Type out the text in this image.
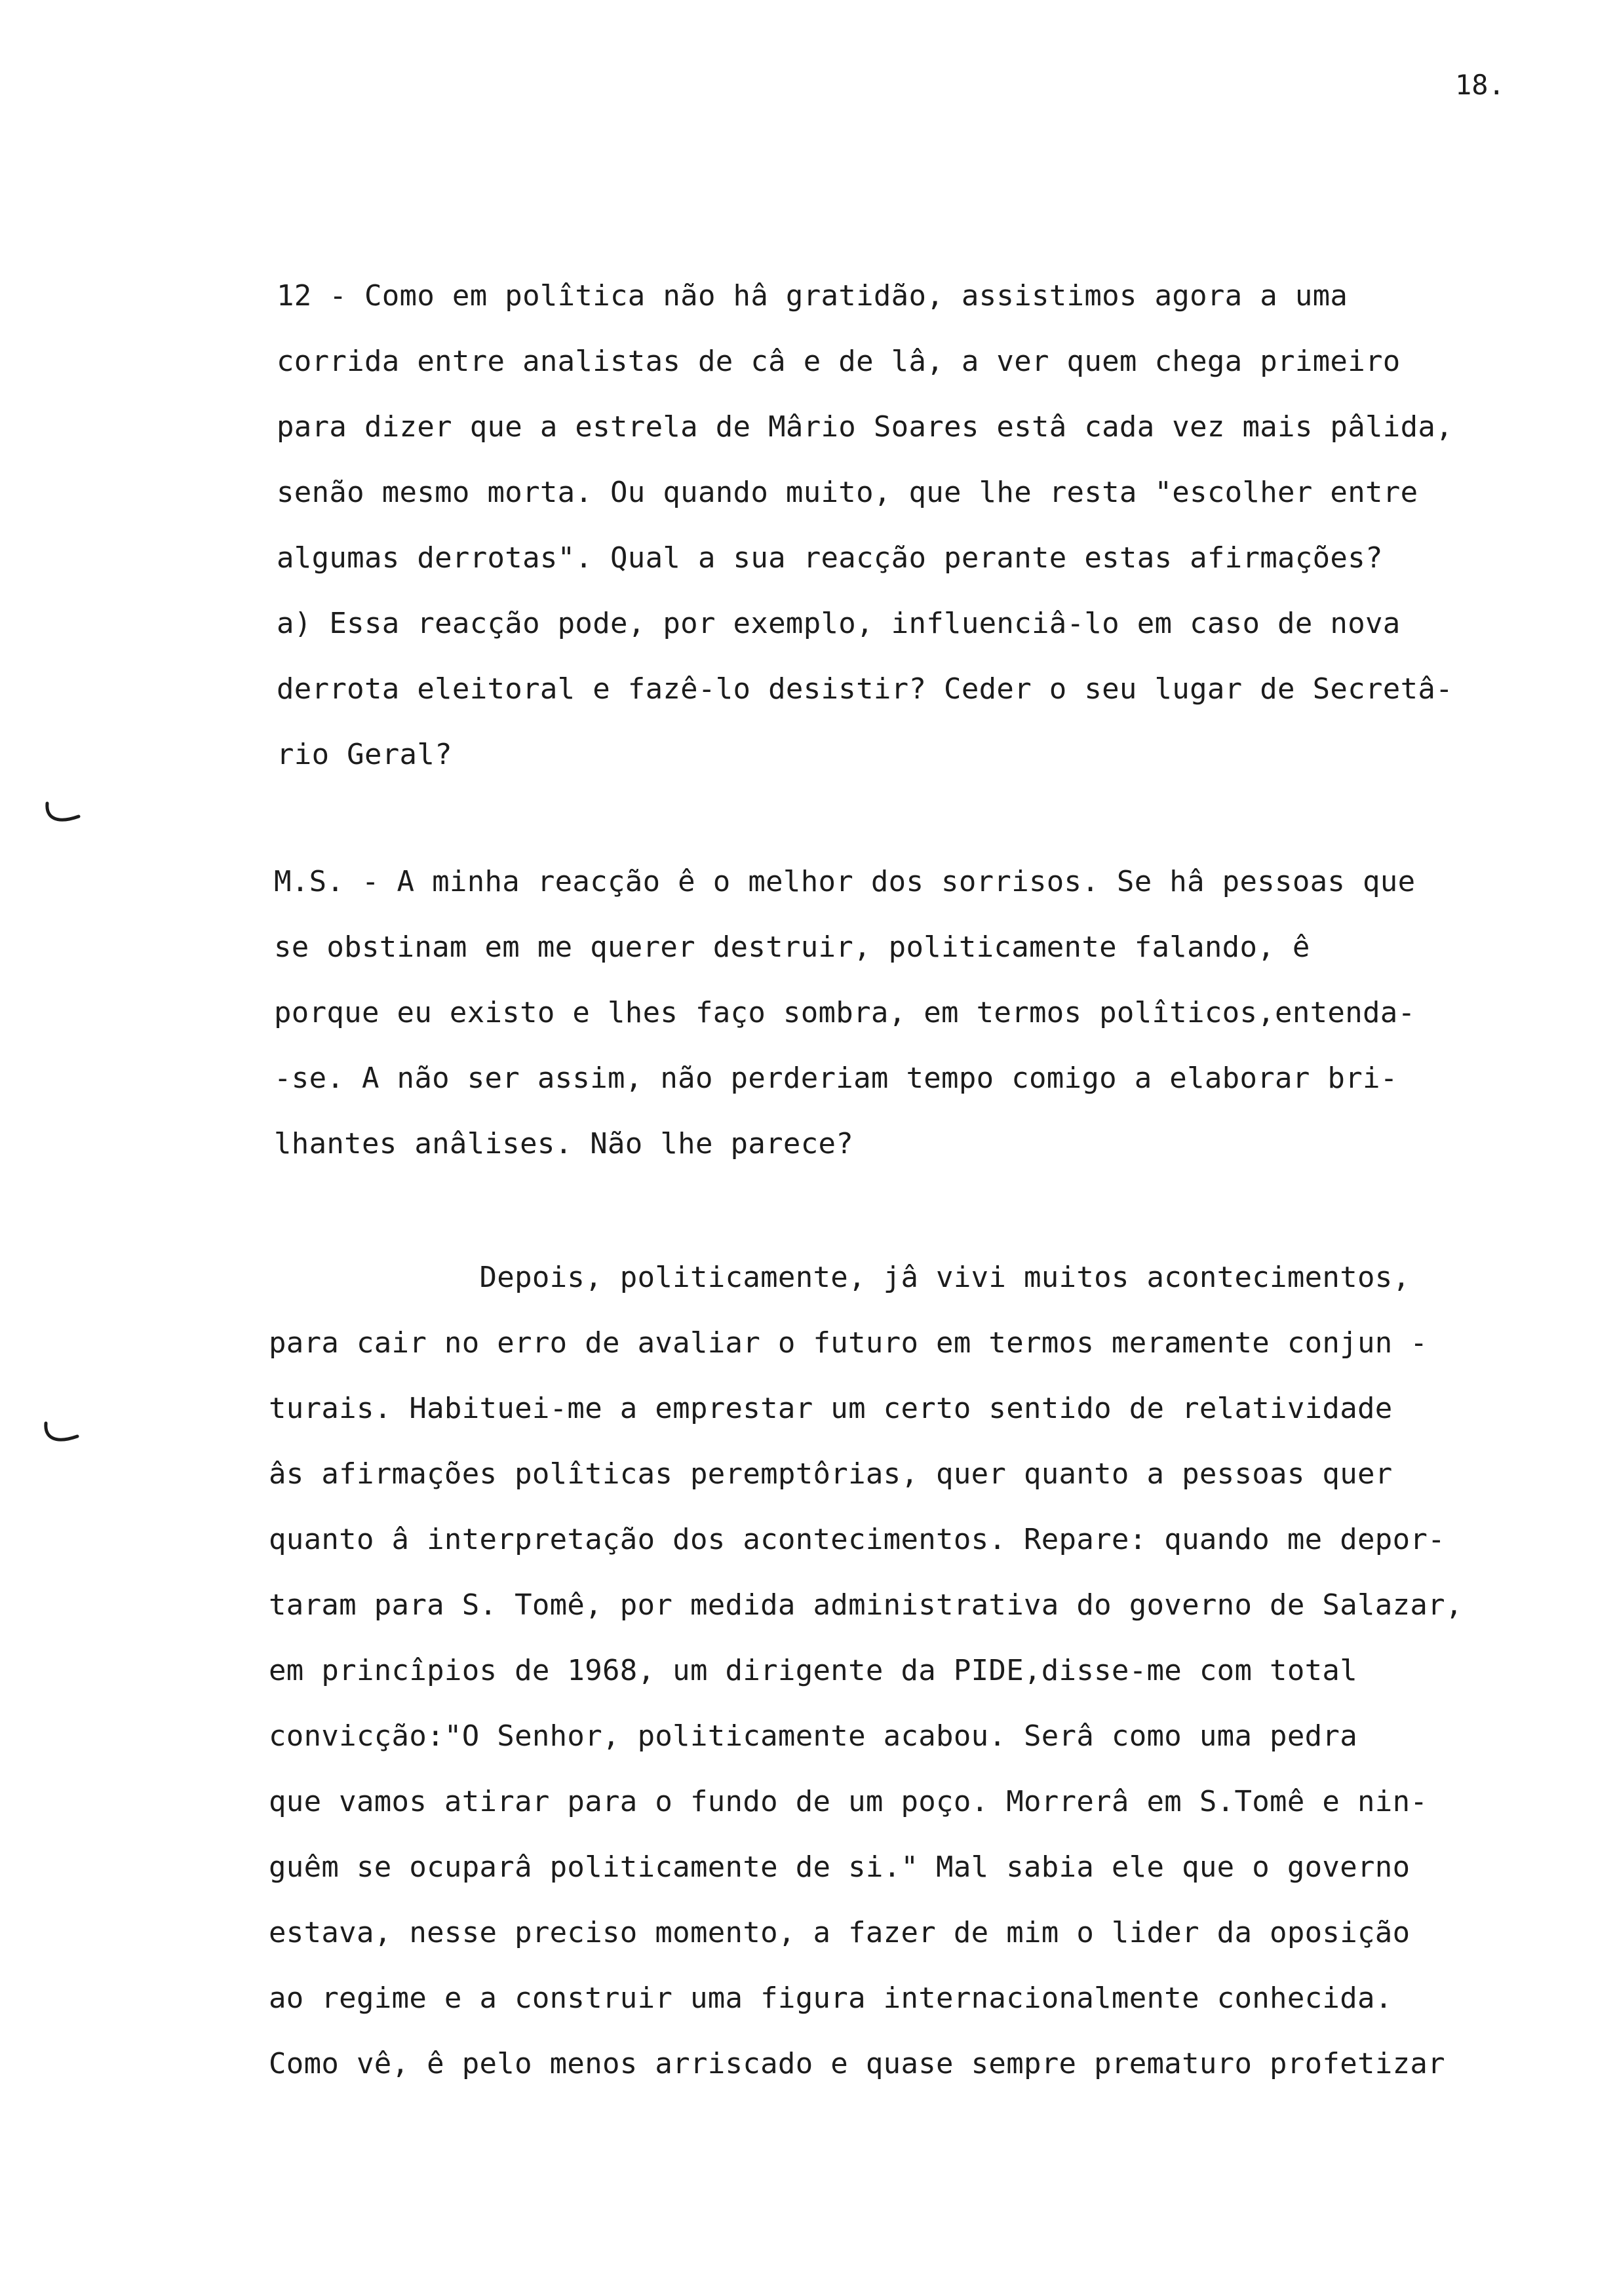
18.
12 - Como em polîtica não hâ gratidão, assistimos agora a uma
corrida entre analistas de câ e de lâ, a ver quem chega primeiro
para dizer que a estrela de Mârio Soares estâ cada vez mais pâlida,
senão mesmo morta. Ou quando muito, que lhe resta "escolher entre
algumas derrotas". Qual a sua reacção perante estas afirmações?
a) Essa reacção pode, por exemplo, influenciâ-lo em caso de nova
derrota eleitoral e fazê-lo desistir? Ceder o seu lugar de Secretâ-
rio Geral?
M.S. - A minha reacção ê o melhor dos sorrisos. Se hâ pessoas que
se obstinam em me querer destruir, politicamente falando, ê
porque eu existo e lhes faço sombra, em termos polîticos,entenda-
-se. A não ser assim, não perderiam tempo comigo a elaborar bri-
lhantes anâlises. Não lhe parece?
Depois, politicamente, jâ vivi muitos acontecimentos,
para cair no erro de avaliar o futuro em termos meramente conjun -
turais. Habituei-me a emprestar um certo sentido de relatividade
âs afirmações polîticas peremptôrias, quer quanto a pessoas quer
quanto â interpretação dos acontecimentos. Repare: quando me depor-
taram para S. Tomê, por medida administrativa do governo de Salazar,
em princîpios de 1968, um dirigente da PIDE,disse-me com total
convicção:"O Senhor, politicamente acabou. Serâ como uma pedra
que vamos atirar para o fundo de um poço. Morrerâ em S.Tomê e nin-
guêm se ocuparâ politicamente de si." Mal sabia ele que o governo
estava, nesse preciso momento, a fazer de mim o lider da oposição
ao regime e a construir uma figura internacionalmente conhecida.
Como vê, ê pelo menos arriscado e quase sempre prematuro profetizar
